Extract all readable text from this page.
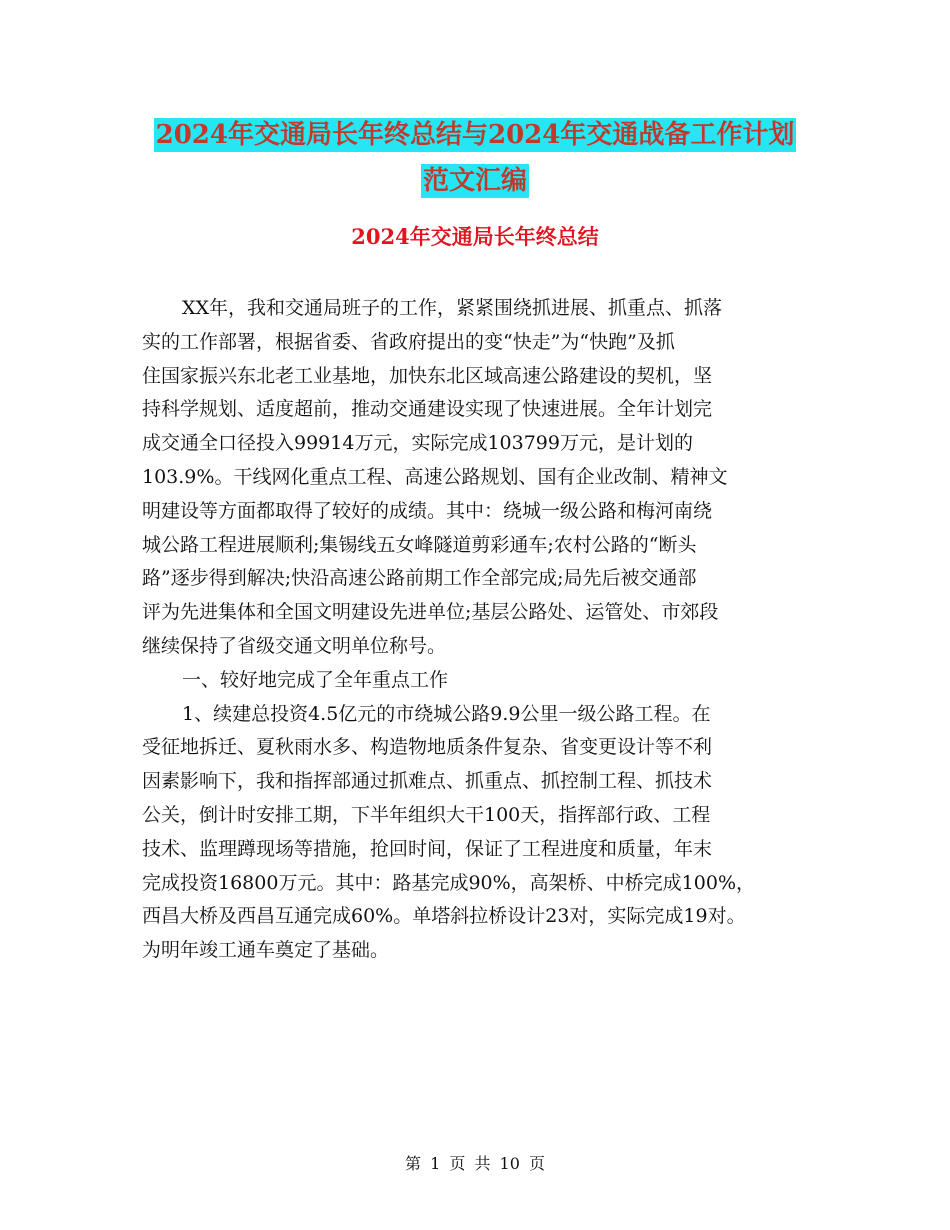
2024年交通局长年终总结与2024年交通战备工作计划
范文汇编
2024年交通局长年终总结

XX年，我和交通局班子的工作，紧紧围绕抓进展、抓重点、抓落

实的工作部署，根据省委、省政府提出的变“快走”为“快跑”及抓

住国家振兴东北老工业基地，加快东北区域高速公路建设的契机，坚

持科学规划、适度超前，推动交通建设实现了快速进展。全年计划完

成交通全口径投入99914万元，实际完成103799万元，是计划的

103.9%。干线网化重点工程、高速公路规划、国有企业改制、精神文

明建设等方面都取得了较好的成绩。其中：绕城一级公路和梅河南绕

城公路工程进展顺利;集锡线五女峰隧道剪彩通车;农村公路的“断头

路”逐步得到解决;快沿高速公路前期工作全部完成;局先后被交通部

评为先进集体和全国文明建设先进单位;基层公路处、运管处、市郊段

继续保持了省级交通文明单位称号。

一、较好地完成了全年重点工作

1、续建总投资4.5亿元的市绕城公路9.9公里一级公路工程。在

受征地拆迁、夏秋雨水多、构造物地质条件复杂、省变更设计等不利

因素影响下，我和指挥部通过抓难点、抓重点、抓控制工程、抓技术

公关，倒计时安排工期，下半年组织大干100天，指挥部行政、工程

技术、监理蹲现场等措施，抢回时间，保证了工程进度和质量，年末

完成投资16800万元。其中：路基完成90%，高架桥、中桥完成100%，

西昌大桥及西昌互通完成60%。单塔斜拉桥设计23对，实际完成19对。

为明年竣工通车奠定了基础。

第 1 页 共 10 页
